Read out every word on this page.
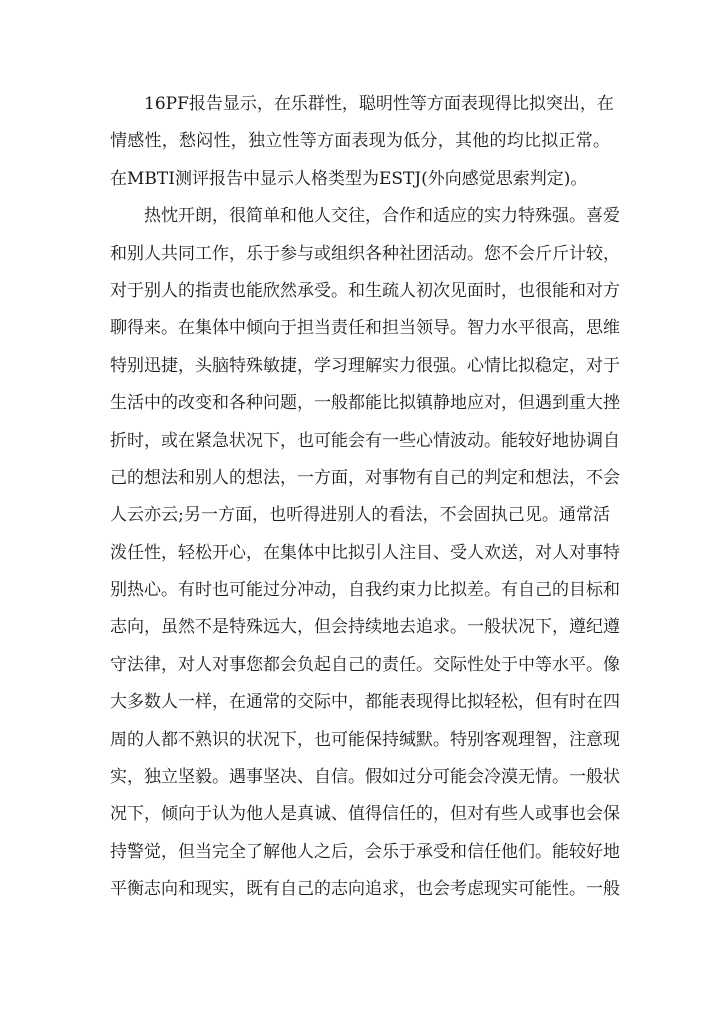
16PF报告显示，在乐群性，聪明性等方面表现得比拟突出，在
情感性，愁闷性，独立性等方面表现为低分，其他的均比拟正常。
在MBTI测评报告中显示人格类型为ESTJ(外向感觉思索判定)。
热忱开朗，很简单和他人交往，合作和适应的实力特殊强。喜爱
和别人共同工作，乐于参与或组织各种社团活动。您不会斤斤计较，
对于别人的指责也能欣然承受。和生疏人初次见面时，也很能和对方
聊得来。在集体中倾向于担当责任和担当领导。智力水平很高，思维
特别迅捷，头脑特殊敏捷，学习理解实力很强。心情比拟稳定，对于
生活中的改变和各种问题，一般都能比拟镇静地应对，但遇到重大挫
折时，或在紧急状况下，也可能会有一些心情波动。能较好地协调自
己的想法和别人的想法，一方面，对事物有自己的判定和想法，不会
人云亦云;另一方面，也听得进别人的看法，不会固执己见。通常活
泼任性，轻松开心，在集体中比拟引人注目、受人欢送，对人对事特
别热心。有时也可能过分冲动，自我约束力比拟差。有自己的目标和
志向，虽然不是特殊远大，但会持续地去追求。一般状况下，遵纪遵
守法律，对人对事您都会负起自己的责任。交际性处于中等水平。像
大多数人一样，在通常的交际中，都能表现得比拟轻松，但有时在四
周的人都不熟识的状况下，也可能保持缄默。特别客观理智，注意现
实，独立坚毅。遇事坚决、自信。假如过分可能会冷漠无情。一般状
况下，倾向于认为他人是真诚、值得信任的，但对有些人或事也会保
持警觉，但当完全了解他人之后，会乐于承受和信任他们。能较好地
平衡志向和现实，既有自己的志向追求，也会考虑现实可能性。一般
